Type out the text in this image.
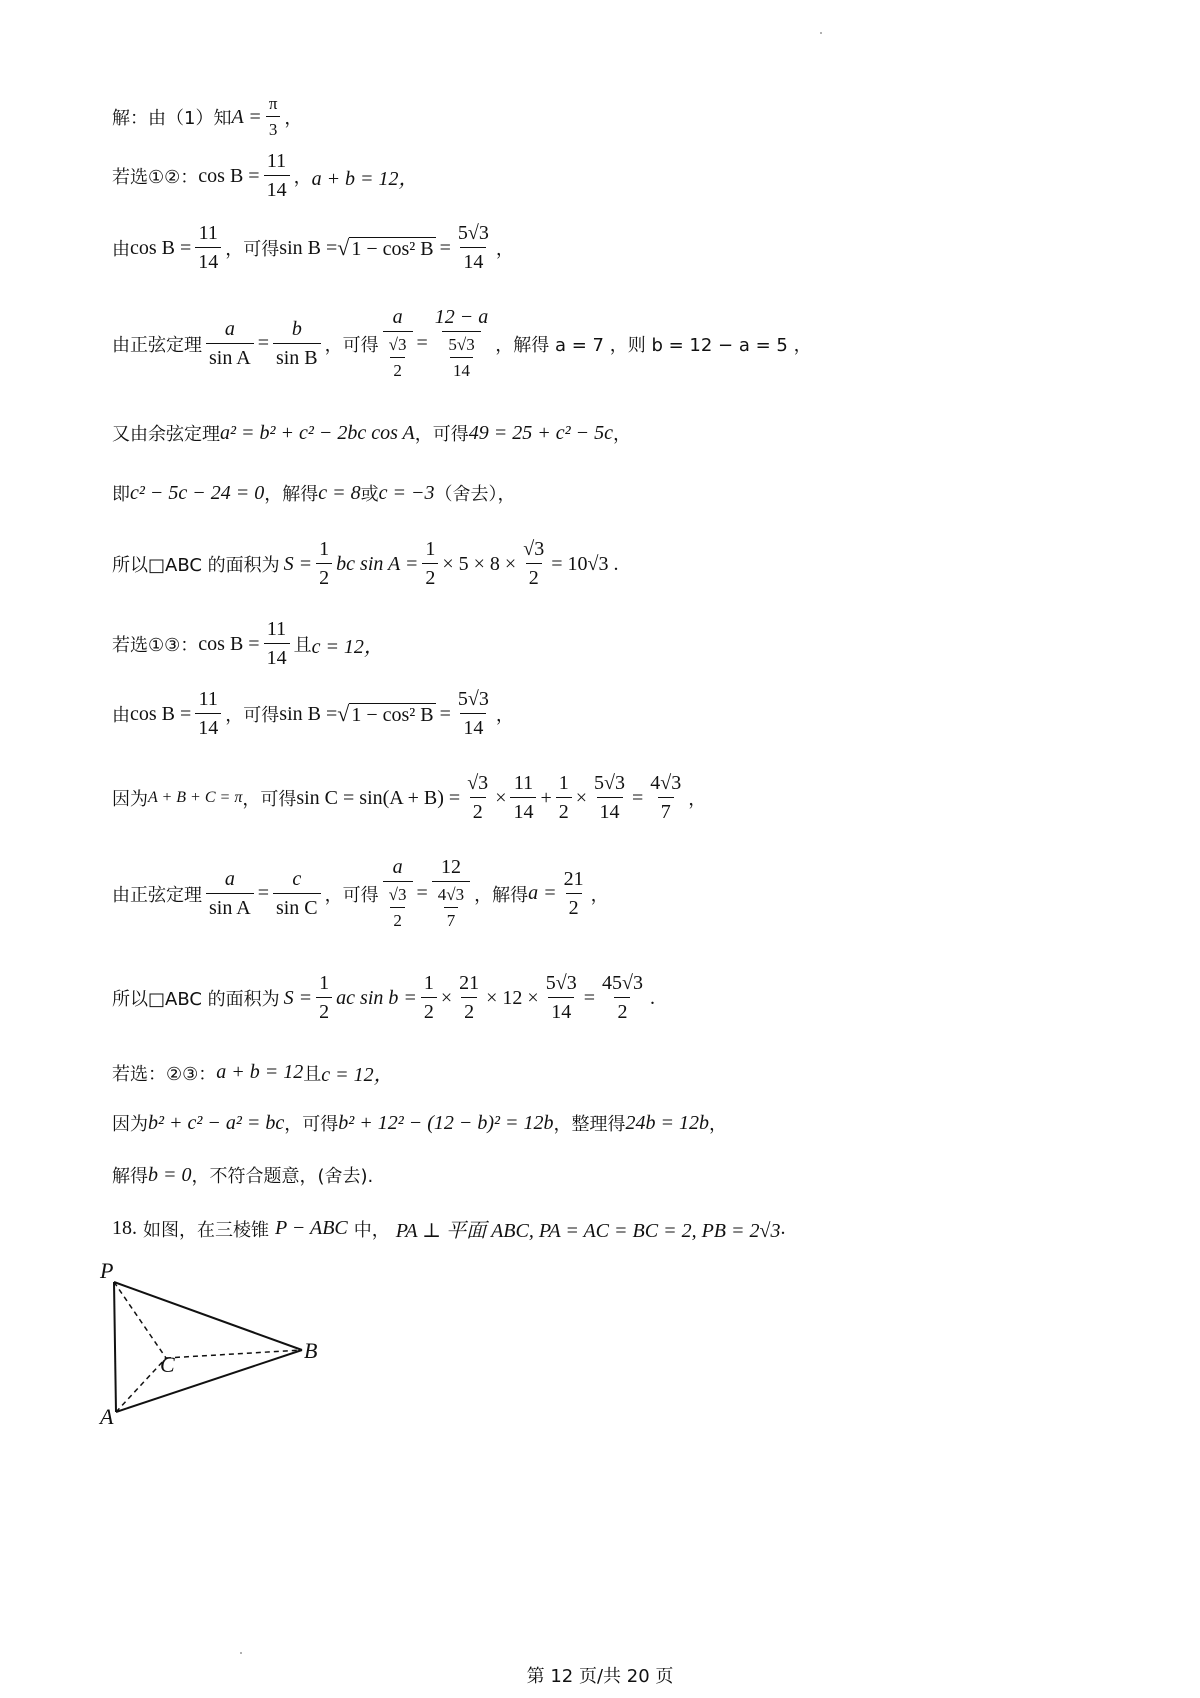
解：由（1）知 $A = \frac{\pi}{3}$ ，
若选①②： $\cos B = \frac{11}{14}$ ， a + b = 12，
由 $\cos B = \frac{11}{14}$ ，可得 sin B = √ 1 − cos² $B = \frac{5√3}{14}$ ，
由正弦定理 $\frac{a}{\text{sin A}} = \frac{b}{\text{sin B}}$ ，可得 $\frac{a}{\frac{√3}{2}} = \frac{12 - a}{\frac{5√3}{14}}$ ，解得 a = 7 ，则 b = 12 − a = 5 ，
又由余弦定理 a² = b² + c² − 2bc cos A ，可得 49 = 25 + c² − 5c ，
即 c² − 5c − 24 = 0 ，解得 c = 8 或 c = −3 （舍去），
所以□ABC 的面积为 $S = \frac{1}{2}$ bc $\sin A = \frac{1}{2} \times 5 \times 8 \times \frac{√3}{2} = 10√3$ .
若选①③： $\cos B = \frac{11}{14}$ 且 c = 12，
由 $\cos B = \frac{11}{14}$ ，可得 sin B = √ 1 − cos² $B = \frac{5√3}{14}$ ，
因为 A + B + C = π ，可得 $\sin C = \sin(A + B) = \frac{√3}{2} \times \frac{11}{14} + \frac{1}{2} \times \frac{5√3}{14} = \frac{4√3}{7}$ ，
由正弦定理 $\frac{a}{\text{sin A}} = \frac{c}{\text{sin C}}$ ，可得 $\frac{a}{\frac{√3}{2}} = \frac{12}{\frac{4√3}{7}}$ ，解得 $a = \frac{21}{2}$ ，
所以□ABC 的面积为 $S = \frac{1}{2}$ ac $\sin b = \frac{1}{2} \times \frac{21}{2} \times 12 \times \frac{5√3}{14} = \frac{45√3}{2}$ .
若选：②③： a + b = 12 且 c = 12，
因为 b² + c² − a² = bc ，可得 b² + 12² − (12 − b)² = 12b ，整理得 24b = 12b ，
解得 b = 0 ，不符合题意，(舍去).
18. 如图，在三棱锥 P − ABC 中， PA ⊥ 平面 ABC, PA = AC = BC = 2, PB = 2√3 .
P
A
B
C
第 12 页/共 20 页
